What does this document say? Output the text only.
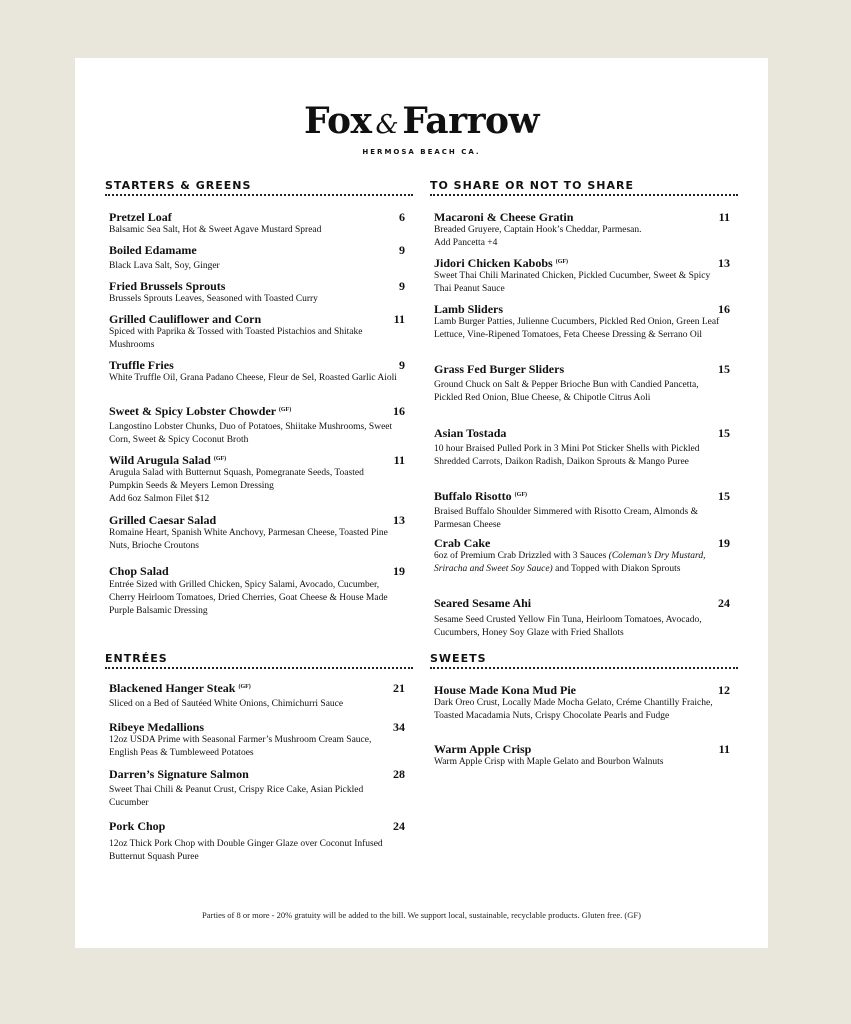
Fox & Farrow
HERMOSA BEACH CA.
STARTERS & GREENS
Pretzel Loaf	6
Balsamic Sea Salt, Hot & Sweet Agave Mustard Spread
Boiled Edamame	9
Black Lava Salt, Soy, Ginger
Fried Brussels Sprouts	9
Brussels Sprouts Leaves, Seasoned with Toasted Curry
Grilled Cauliflower and Corn	11
Spiced with Paprika & Tossed with Toasted Pistachios and Shitake Mushrooms
Truffle Fries	9
White Truffle Oil, Grana Padano Cheese, Fleur de Sel, Roasted Garlic Aioli
Sweet & Spicy Lobster Chowder $^{(GF)}$	16
Langostino Lobster Chunks, Duo of Potatoes, Shiitake Mushrooms, Sweet Corn, Sweet & Spicy Coconut Broth
Wild Arugula Salad $^{(GF)}$	11
Arugula Salad with Butternut Squash, Pomegranate Seeds, Toasted Pumpkin Seeds & Meyers Lemon Dressing
Add 6oz Salmon Filet $12
Grilled Caesar Salad	13
Romaine Heart, Spanish White Anchovy, Parmesan Cheese, Toasted Pine Nuts, Brioche Croutons
Chop Salad	19
Entrée Sized with Grilled Chicken, Spicy Salami, Avocado, Cucumber, Cherry Heirloom Tomatoes, Dried Cherries, Goat Cheese & House Made Purple Balsamic Dressing
TO SHARE OR NOT TO SHARE
Macaroni & Cheese Gratin	11
Breaded Gruyere, Captain Hook’s Cheddar, Parmesan.
Add Pancetta +4
Jidori Chicken Kabobs $^{(GF)}$	13
Sweet Thai Chili Marinated Chicken, Pickled Cucumber, Sweet & Spicy Thai Peanut Sauce
Lamb Sliders	16
Lamb Burger Patties, Julienne Cucumbers, Pickled Red Onion, Green Leaf Lettuce, Vine-Ripened Tomatoes, Feta Cheese Dressing & Serrano Oil
Grass Fed Burger Sliders	15
Ground Chuck on Salt & Pepper Brioche Bun with Candied Pancetta, Pickled Red Onion, Blue Cheese, & Chipotle Citrus Aoli
Asian Tostada	15
10 hour Braised Pulled Pork in 3 Mini Pot Sticker Shells with Pickled Shredded Carrots, Daikon Radish, Daikon Sprouts & Mango Puree
Buffalo Risotto $^{(GF)}$	15
Braised Buffalo Shoulder Simmered with Risotto Cream, Almonds & Parmesan Cheese
Crab Cake	19
6oz of Premium Crab Drizzled with 3 Sauces (Coleman’s Dry Mustard, Sriracha and Sweet Soy Sauce) and Topped with Diakon Sprouts
Seared Sesame Ahi	24
Sesame Seed Crusted Yellow Fin Tuna, Heirloom Tomatoes, Avocado, Cucumbers, Honey Soy Glaze with Fried Shallots
ENTRÉES
Blackened Hanger Steak $^{(GF)}$	21
Sliced on a Bed of Sautéed White Onions, Chimichurri Sauce
Ribeye Medallions	34
12oz USDA Prime with Seasonal Farmer’s Mushroom Cream Sauce, English Peas & Tumbleweed Potatoes
Darren’s Signature Salmon	28
Sweet Thai Chili & Peanut Crust, Crispy Rice Cake, Asian Pickled Cucumber
Pork Chop	24
12oz Thick Pork Chop with Double Ginger Glaze over Coconut Infused Butternut Squash Puree
SWEETS
House Made Kona Mud Pie	12
Dark Oreo Crust, Locally Made Mocha Gelato, Créme Chantilly Fraiche, Toasted Macadamia Nuts, Crispy Chocolate Pearls and Fudge
Warm Apple Crisp	11
Warm Apple Crisp with Maple Gelato and Bourbon Walnuts
Parties of 8 or more - 20% gratuity will be added to the bill. We support local, sustainable, recyclable products. Gluten free. (GF)
